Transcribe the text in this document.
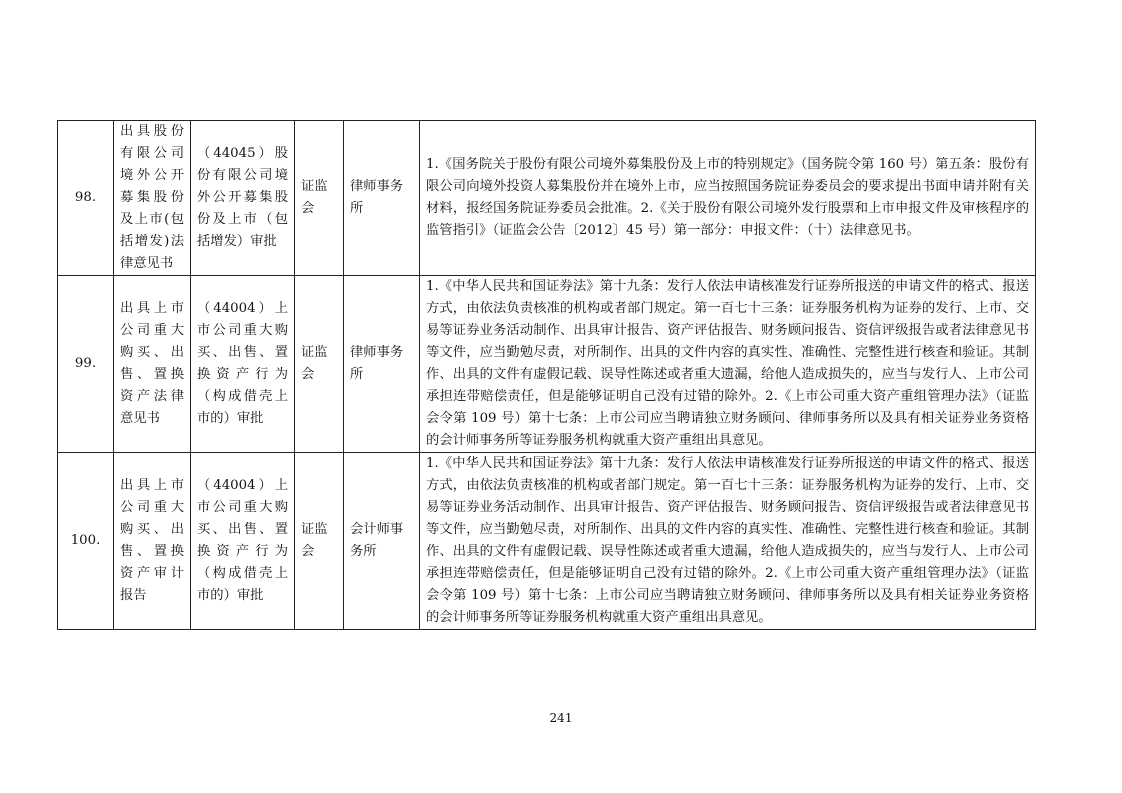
98.	出具股份有限公司境外公开募集股份及上市(包括增发)法律意见书	（44045）股份有限公司境外公开募集股份及上市（包括增发）审批	证监会	律师事务所	1.《国务院关于股份有限公司境外募集股份及上市的特别规定》（国务院令第 160 号）第五条：股份有限公司向境外投资人募集股份并在境外上市，应当按照国务院证券委员会的要求提出书面申请并附有关材料，报经国务院证券委员会批准。2.《关于股份有限公司境外发行股票和上市申报文件及审核程序的监管指引》（证监会公告〔2012〕45 号）第一部分：申报文件：（十）法律意见书。
99.	出具上市公司重大购买、出售、置换资产法律意见书	（44004）上市公司重大购买、出售、置换资产行为（构成借壳上市的）审批	证监会	律师事务所	1.《中华人民共和国证券法》第十九条：发行人依法申请核准发行证券所报送的申请文件的格式、报送方式，由依法负责核准的机构或者部门规定。第一百七十三条：证券服务机构为证券的发行、上市、交易等证券业务活动制作、出具审计报告、资产评估报告、财务顾问报告、资信评级报告或者法律意见书等文件，应当勤勉尽责，对所制作、出具的文件内容的真实性、准确性、完整性进行核查和验证。其制作、出具的文件有虚假记载、误导性陈述或者重大遗漏，给他人造成损失的，应当与发行人、上市公司承担连带赔偿责任，但是能够证明自己没有过错的除外。2.《上市公司重大资产重组管理办法》（证监会令第 109 号）第十七条：上市公司应当聘请独立财务顾问、律师事务所以及具有相关证券业务资格的会计师事务所等证券服务机构就重大资产重组出具意见。
100.	出具上市公司重大购买、出售、置换资产审计报告	（44004）上市公司重大购买、出售、置换资产行为（构成借壳上市的）审批	证监会	会计师事务所	1.《中华人民共和国证券法》第十九条：发行人依法申请核准发行证券所报送的申请文件的格式、报送方式，由依法负责核准的机构或者部门规定。第一百七十三条：证券服务机构为证券的发行、上市、交易等证券业务活动制作、出具审计报告、资产评估报告、财务顾问报告、资信评级报告或者法律意见书等文件，应当勤勉尽责，对所制作、出具的文件内容的真实性、准确性、完整性进行核查和验证。其制作、出具的文件有虚假记载、误导性陈述或者重大遗漏，给他人造成损失的，应当与发行人、上市公司承担连带赔偿责任，但是能够证明自己没有过错的除外。2.《上市公司重大资产重组管理办法》（证监会令第 109 号）第十七条：上市公司应当聘请独立财务顾问、律师事务所以及具有相关证券业务资格的会计师事务所等证券服务机构就重大资产重组出具意见。
241
